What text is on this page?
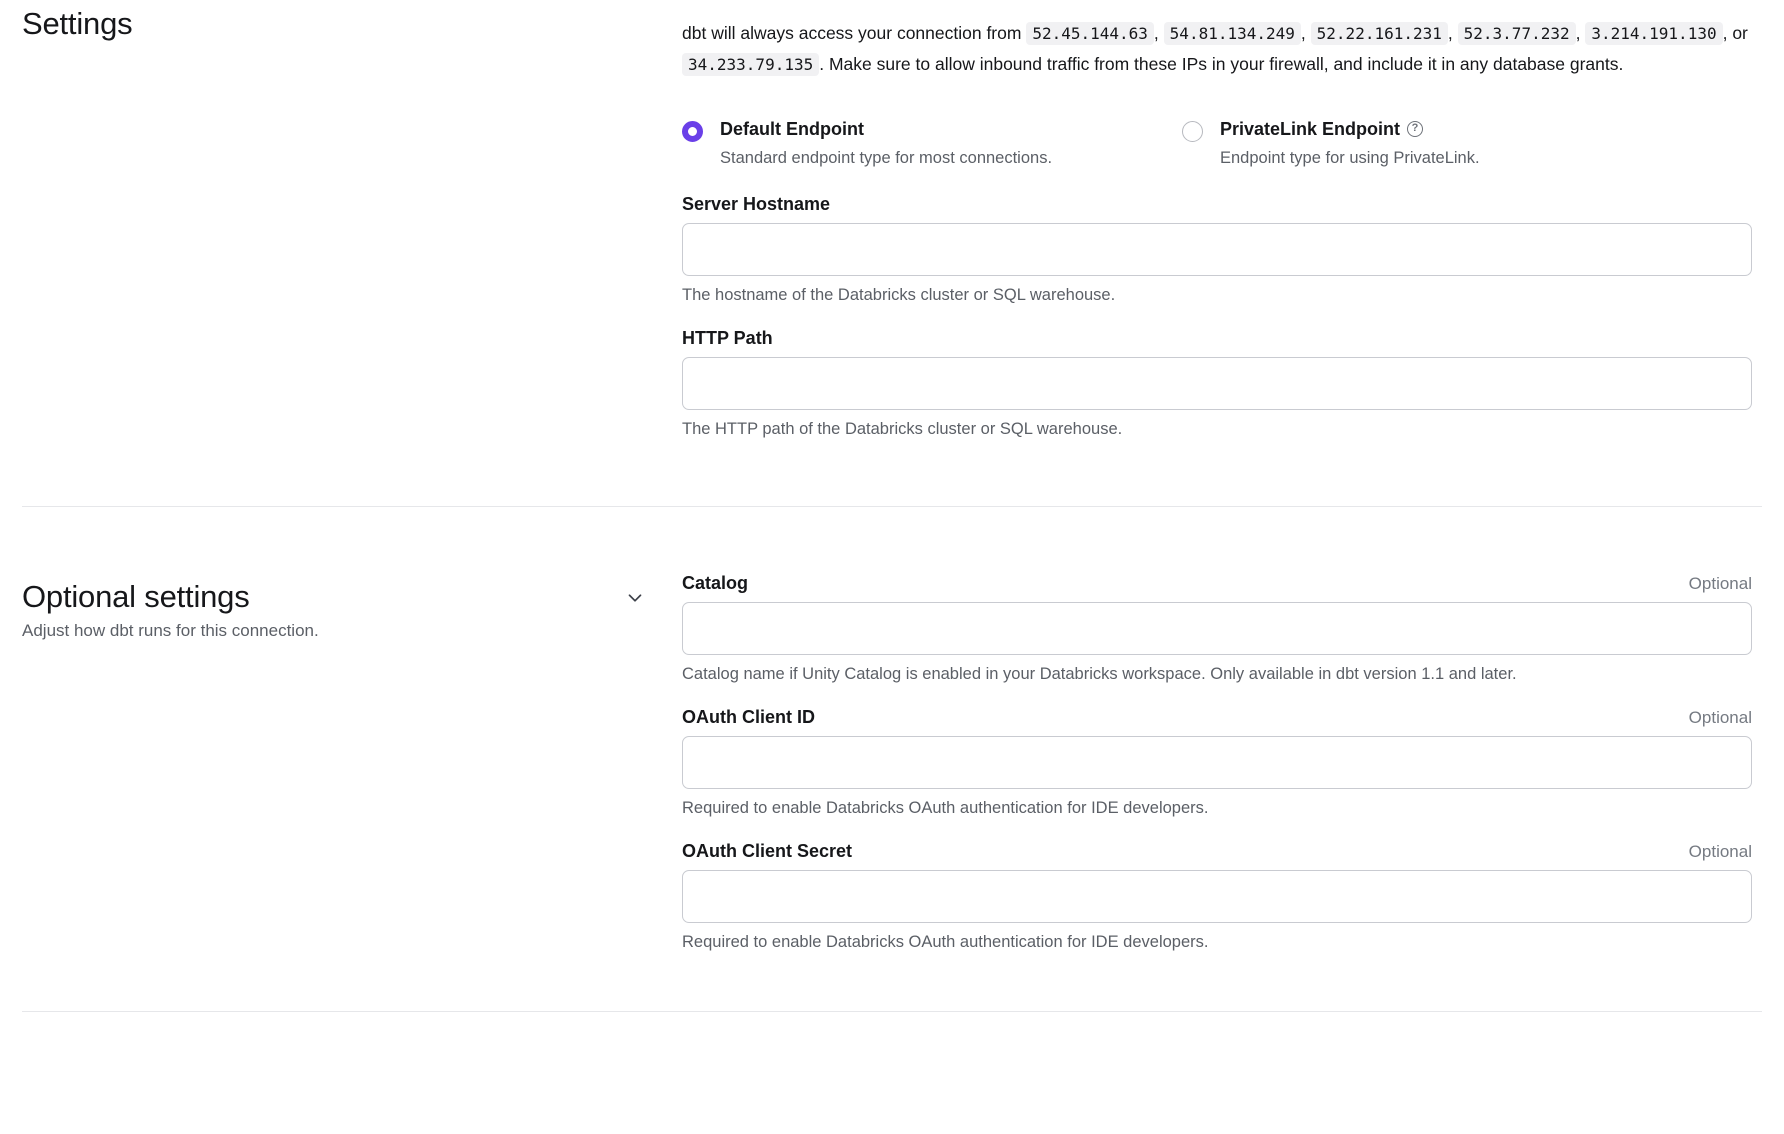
Settings	dbt will always access your connection from 52.45.144.63 , 54.81.134.249 , 52.22.161.231 , 52.3.77.232 , 3.214.191.130 , or 34.233.79.135 . Make sure to allow inbound traffic from these IPs in your firewall, and include it in any database grants.

Default Endpoint
Standard endpoint type for most connections.
PrivateLink Endpoint	?
Endpoint type for using PrivateLink.
Server Hostname
The hostname of the Databricks cluster or SQL warehouse.
HTTP Path
The HTTP path of the Databricks cluster or SQL warehouse.
Optional settings
Adjust how dbt runs for this connection.
Catalog	Optional
Catalog name if Unity Catalog is enabled in your Databricks workspace. Only available in dbt version 1.1 and later.
OAuth Client ID	Optional
Required to enable Databricks OAuth authentication for IDE developers.
OAuth Client Secret	Optional
Required to enable Databricks OAuth authentication for IDE developers.
